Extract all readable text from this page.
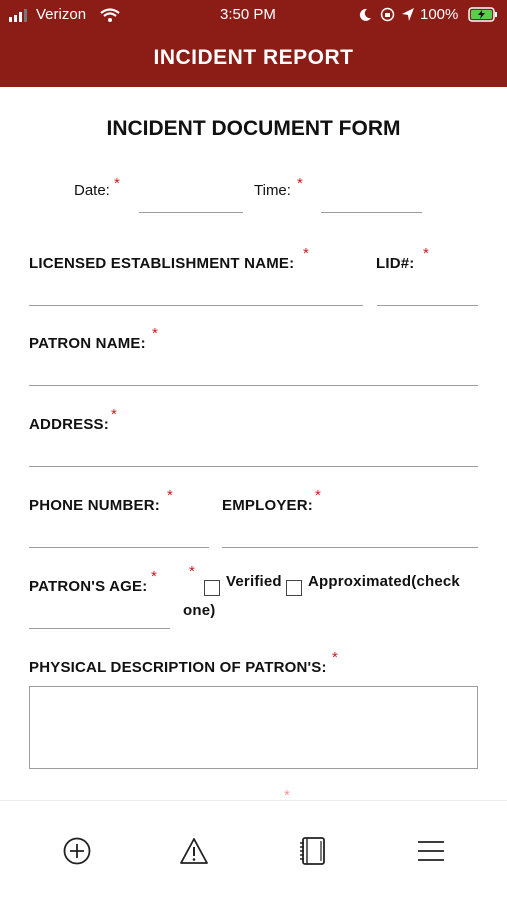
Verizon	3:50 PM	100%
INCIDENT REPORT
INCIDENT DOCUMENT FORM
Date: *	Time: *
LICENSED ESTABLISHMENT NAME:
*
LID#:
*
PATRON NAME:
*
ADDRESS:
*
PHONE NUMBER:
*
EMPLOYER:
*
PATRON'S AGE:
* *
Verified Approximated(check
one)
PHYSICAL DESCRIPTION OF PATRON'S:
*
*
